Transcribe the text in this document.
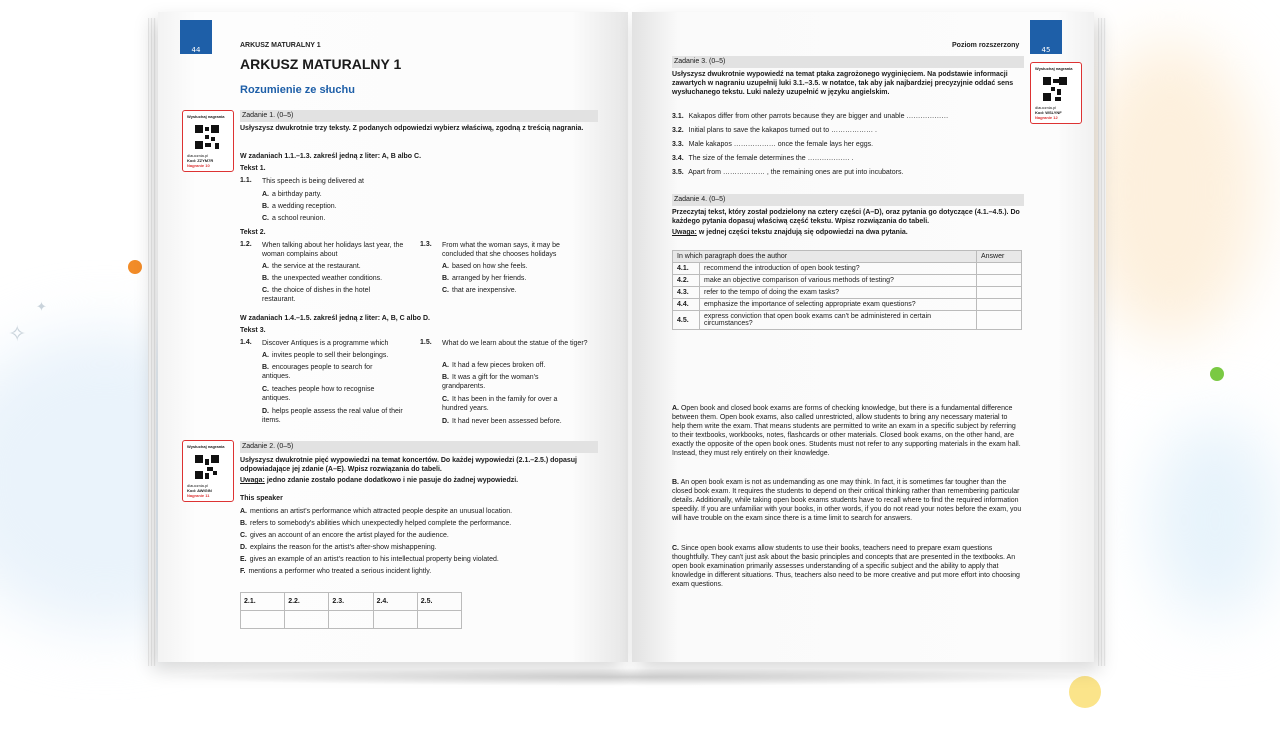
✧
✦
44
ARKUSZ MATURALNY 1
ARKUSZ MATURALNY 1
Rozumienie ze słuchu
Wysłuchaj nagrania
dlaucznia.pl
Kod: ZZYM7R
Nagranie 10
Zadanie 1. (0–5)
Usłyszysz dwukrotnie trzy teksty. Z podanych odpowiedzi wybierz właściwą, zgodną z treścią nagrania.
W zadaniach 1.1.–1.3. zakreśl jedną z liter: A, B albo C.
Tekst 1.
1.1. This speech is being delivered at
A. a birthday party.
B. a wedding reception.
C. a school reunion.
Tekst 2.
1.2. When talking about her holidays last year, the woman complains about
A. the service at the restaurant.
B. the unexpected weather conditions.
C. the choice of dishes in the hotel restaurant.
1.3. From what the woman says, it may be concluded that she chooses holidays
A. based on how she feels.
B. arranged by her friends.
C. that are inexpensive.
W zadaniach 1.4.–1.5. zakreśl jedną z liter: A, B, C albo D.
Tekst 3.
1.4. Discover Antiques is a programme which
A. invites people to sell their belongings.
B. encourages people to search for antiques.
C. teaches people how to recognise antiques.
D. helps people assess the real value of their items.
1.5. What do we learn about the statue of the tiger?
A. It had a few pieces broken off.
B. It was a gift for the woman's grandparents.
C. It has been in the family for over a hundred years.
D. It had never been assessed before.
Wysłuchaj nagrania
dlaucznia.pl
Kod: AWIGIN
Nagranie 11
Zadanie 2. (0–5)
Usłyszysz dwukrotnie pięć wypowiedzi na temat koncertów. Do każdej wypowiedzi (2.1.–2.5.) dopasuj odpowiadające jej zdanie (A–E). Wpisz rozwiązania do tabeli.
Uwaga: jedno zdanie zostało podane dodatkowo i nie pasuje do żadnej wypowiedzi.
This speaker
A. mentions an artist's performance which attracted people despite an unusual location.
B. refers to somebody's abilities which unexpectedly helped complete the performance.
C. gives an account of an encore the artist played for the audience.
D. explains the reason for the artist's after-show mishappening.
E. gives an example of an artist's reaction to his intellectual property being violated.
F. mentions a performer who treated a serious incident lightly.
2.1.	2.2.	2.3.	2.4.	2.5.

45
Poziom rozszerzony
Wysłuchaj nagrania
dlaucznia.pl
Kod: WSLYNF
Nagranie 12
Zadanie 3. (0–5)
Usłyszysz dwukrotnie wypowiedź na temat ptaka zagrożonego wyginięciem. Na podstawie informacji zawartych w nagraniu uzupełnij luki 3.1.–3.5. w notatce, tak aby jak najbardziej precyzyjnie oddać sens wysłuchanego tekstu. Luki należy uzupełnić w języku angielskim.
3.1. Kakapos differ from other parrots because they are bigger and unable ………………
3.2. Initial plans to save the kakapos turned out to ……………… .
3.3. Male kakapos ……………… once the female lays her eggs.
3.4. The size of the female determines the ……………… .
3.5. Apart from ……………… , the remaining ones are put into incubators.
Zadanie 4. (0–5)
Przeczytaj tekst, który został podzielony na cztery części (A–D), oraz pytania go dotyczące (4.1.–4.5.). Do każdego pytania dopasuj właściwą część tekstu. Wpisz rozwiązania do tabeli.
Uwaga: w jednej części tekstu znajdują się odpowiedzi na dwa pytania.
In which paragraph does the author		Answer
4.1.	recommend the introduction of open book testing?	
4.2.	make an objective comparison of various methods of testing?	
4.3.	refer to the tempo of doing the exam tasks?	
4.4.	emphasize the importance of selecting appropriate exam questions?	
4.5.	express conviction that open book exams can't be administered in certain circumstances?	
A. Open book and closed book exams are forms of checking knowledge, but there is a fundamental difference between them. Open book exams, also called unrestricted, allow students to bring any necessary material to help them write the exam. That means students are permitted to write an exam in a specific subject by referring to their textbooks, workbooks, notes, flashcards or other materials. Closed book exams, on the other hand, are exactly the opposite of the open book ones. Students must not refer to any supporting materials in the exam hall. Instead, they must rely entirely on their knowledge.
B. An open book exam is not as undemanding as one may think. In fact, it is sometimes far tougher than the closed book exam. It requires the students to depend on their critical thinking rather than remembering particular details. Additionally, while taking open book exams students have to recall where to find the required information speedily. If you are unfamiliar with your books, in other words, if you do not read your notes before the exam, you will have trouble on the exam since there is a time limit to search for answers.
C. Since open book exams allow students to use their books, teachers need to prepare exam questions thoughtfully. They can't just ask about the basic principles and concepts that are presented in the textbooks. An open book examination primarily assesses understanding of a specific subject and the ability to apply that knowledge in different situations. Thus, teachers also need to be more creative and put more effort into choosing exam questions.
